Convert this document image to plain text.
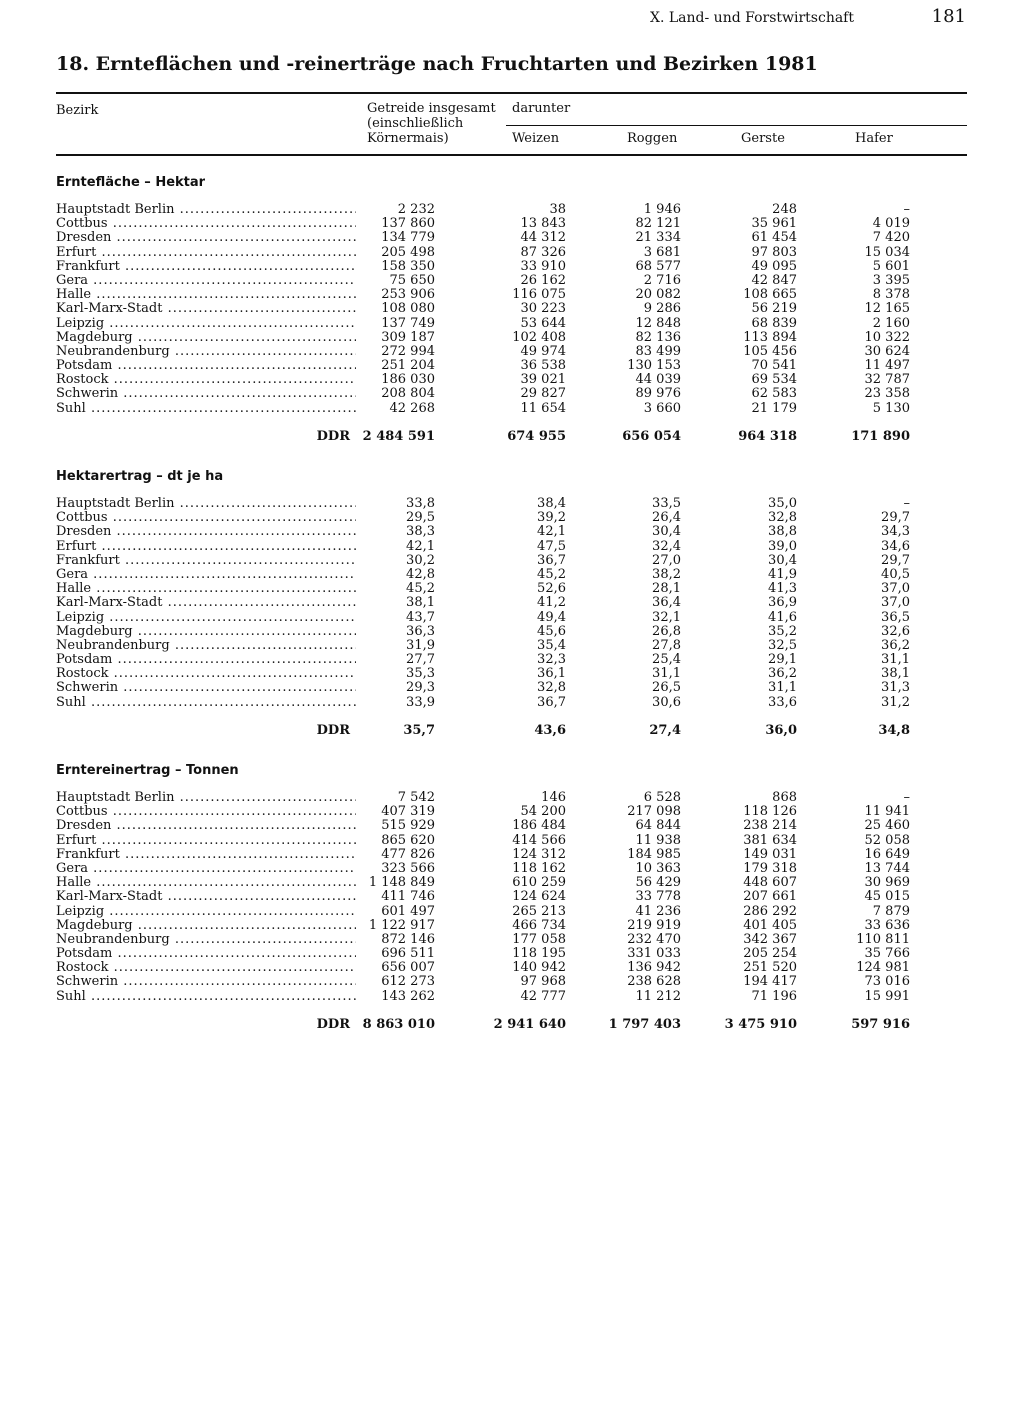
X. Land- und Forstwirtschaft	181
18. Ernteflächen und -reinerträge nach Fruchtarten und Bezirken 1981
Bezirk	Getreide insgesamt
(einschließlich
Körnermais)
darunter
Weizen	Roggen	Gerste	Hafer
Erntefläche – Hektar
Hauptstadt Berlin .....	2 232	38	1 946	248	–
Cottbus .....	137 860	13 843	82 121	35 961	4 019
Dresden .....	134 779	44 312	21 334	61 454	7 420
Erfurt .....	205 498	87 326	3 681	97 803	15 034
Frankfurt .....	158 350	33 910	68 577	49 095	5 601
Gera .....	75 650	26 162	2 716	42 847	3 395
Halle .....	253 906	116 075	20 082	108 665	8 378
Karl-Marx-Stadt .....	108 080	30 223	9 286	56 219	12 165
Leipzig .....	137 749	53 644	12 848	68 839	2 160
Magdeburg .....	309 187	102 408	82 136	113 894	10 322
Neubrandenburg .....	272 994	49 974	83 499	105 456	30 624
Potsdam .....	251 204	36 538	130 153	70 541	11 497
Rostock .....	186 030	39 021	44 039	69 534	32 787
Schwerin .....	208 804	29 827	89 976	62 583	23 358
Suhl .....	42 268	11 654	3 660	21 179	5 130
DDR 2 484 591	674 955	656 054	964 318	171 890
Hektarertrag – dt je ha
Hauptstadt Berlin .....	33,8	38,4	33,5	35,0	–
Cottbus .....	29,5	39,2	26,4	32,8	29,7
Dresden .....	38,3	42,1	30,4	38,8	34,3
Erfurt .....	42,1	47,5	32,4	39,0	34,6
Frankfurt .....	30,2	36,7	27,0	30,4	29,7
Gera .....	42,8	45,2	38,2	41,9	40,5
Halle .....	45,2	52,6	28,1	41,3	37,0
Karl-Marx-Stadt .....	38,1	41,2	36,4	36,9	37,0
Leipzig .....	43,7	49,4	32,1	41,6	36,5
Magdeburg .....	36,3	45,6	26,8	35,2	32,6
Neubrandenburg .....	31,9	35,4	27,8	32,5	36,2
Potsdam .....	27,7	32,3	25,4	29,1	31,1
Rostock .....	35,3	36,1	31,1	36,2	38,1
Schwerin .....	29,3	32,8	26,5	31,1	31,3
Suhl .....	33,9	36,7	30,6	33,6	31,2
DDR	35,7	43,6	27,4	36,0	34,8
Erntereinertrag – Tonnen
Hauptstadt Berlin .....	7 542	146	6 528	868	–
Cottbus .....	407 319	54 200	217 098	118 126	11 941
Dresden .....	515 929	186 484	64 844	238 214	25 460
Erfurt .....	865 620	414 566	11 938	381 634	52 058
Frankfurt .....	477 826	124 312	184 985	149 031	16 649
Gera .....	323 566	118 162	10 363	179 318	13 744
Halle .....	1 148 849	610 259	56 429	448 607	30 969
Karl-Marx-Stadt .....	411 746	124 624	33 778	207 661	45 015
Leipzig .....	601 497	265 213	41 236	286 292	7 879
Magdeburg .....	1 122 917	466 734	219 919	401 405	33 636
Neubrandenburg .....	872 146	177 058	232 470	342 367	110 811
Potsdam .....	696 511	118 195	331 033	205 254	35 766
Rostock .....	656 007	140 942	136 942	251 520	124 981
Schwerin .....	612 273	97 968	238 628	194 417	73 016
Suhl .....	143 262	42 777	11 212	71 196	15 991
DDR 8 863 010	2 941 640	1 797 403	3 475 910	597 916
